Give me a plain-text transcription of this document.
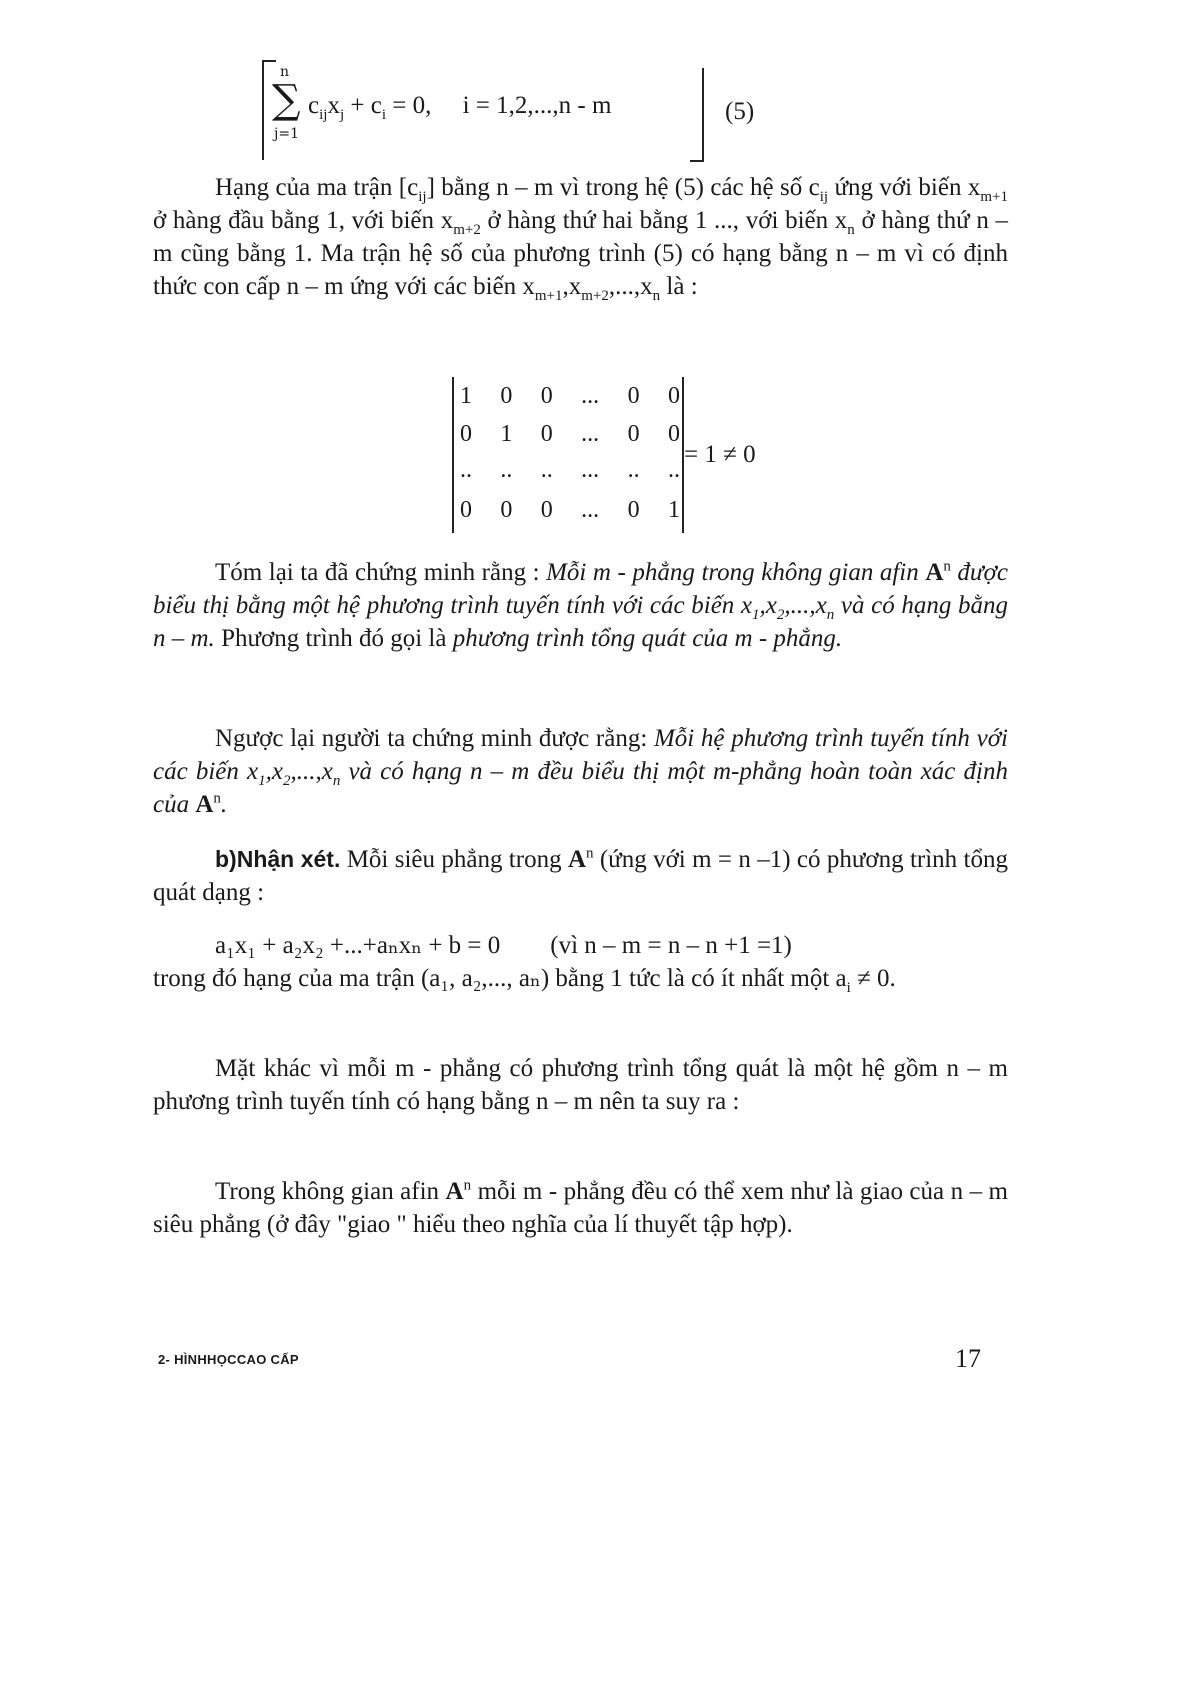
n
∑
j=1
$c_{ij}x_j + c_i = 0$,     i = 1,2,...,n - m	(5)
Hạng của ma trận $[c_{ij}]$ bằng n – m vì trong hệ (5) các hệ số $c_{ij}$ ứng với biến $x_{m+1}$ ở hàng đầu bằng 1, với biến $x_{m+2}$ ở hàng thứ hai bằng 1 ..., với biến $x_n$ ở hàng thứ n – m cũng bằng 1. Ma trận hệ số của phương trình (5) có hạng bằng n – m vì có định thức con cấp n – m ứng với các biến $x_{m+1},x_{m+2},...,x_n$ là :
1 0 0 ... 0 0
0 1 0 ... 0 0
.. .. .. ... .. ..
0 0 0 ... 0 1
= 1 ≠ 0
Tóm lại ta đã chứng minh rằng : Mỗi m - phẳng trong không gian afin $A^n$ được biểu thị bằng một hệ phương trình tuyến tính với các biến $x_1,x_2,...,x_n$ và có hạng bằng n – m. Phương trình đó gọi là phương trình tổng quát của m - phẳng.
Ngược lại người ta chứng minh được rằng: Mỗi hệ phương trình tuyến tính với các biến $x_1,x_2,...,x_n$ và có hạng n – m đều biểu thị một m-phẳng hoàn toàn xác định của $A^n$.
b)Nhận xét. Mỗi siêu phẳng trong $A^n$ (ứng với m = n –1) có phương trình tổng quát dạng :
a₁x₁ + a₂x₂ +...+aₙxₙ + b = 0 (vì n – m = n – n +1 =1)
trong đó hạng của ma trận (a₁, a₂,..., aₙ) bằng 1 tức là có ít nhất một $a_i \ne 0$.
Mặt khác vì mỗi m - phẳng có phương trình tổng quát là một hệ gồm n – m phương trình tuyến tính có hạng bằng n – m nên ta suy ra :
Trong không gian afin $A^n$ mỗi m - phẳng đều có thể xem như là giao của n – m siêu phẳng (ở đây "giao " hiểu theo nghĩa của lí thuyết tập hợp).
2- HÌNHHỌCCAO CẤP	17
